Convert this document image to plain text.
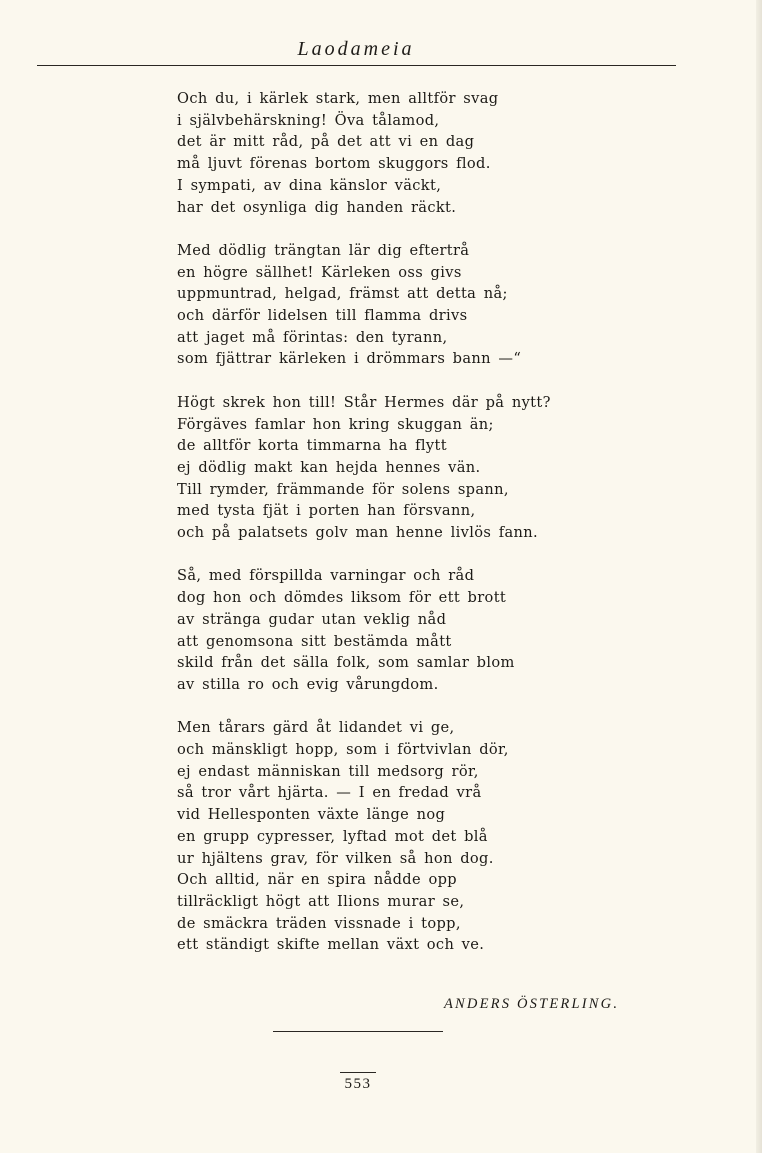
Laodameia
Och du, i kärlek stark, men alltför svag
i självbehärskning! Öva tålamod,
det är mitt råd, på det att vi en dag
må ljuvt förenas bortom skuggors flod.
I sympati, av dina känslor väckt,
har det osynliga dig handen räckt.
Med dödlig trängtan lär dig eftertrå
en högre sällhet! Kärleken oss givs
uppmuntrad, helgad, främst att detta nå;
och därför lidelsen till flamma drivs
att jaget må förintas: den tyrann,
som fjättrar kärleken i drömmars bann —“
Högt skrek hon till! Står Hermes där på nytt?
Förgäves famlar hon kring skuggan än;
de alltför korta timmarna ha flytt
ej dödlig makt kan hejda hennes vän.
Till rymder, främmande för solens spann,
med tysta fjät i porten han försvann,
och på palatsets golv man henne livlös fann.
Så, med förspillda varningar och råd
dog hon och dömdes liksom för ett brott
av stränga gudar utan veklig nåd
att genomsona sitt bestämda mått
skild från det sälla folk, som samlar blom
av stilla ro och evig vårungdom.
Men tårars gärd åt lidandet vi ge,
och mänskligt hopp, som i förtvivlan dör,
ej endast människan till medsorg rör,
så tror vårt hjärta. — I en fredad vrå
vid Hellesponten växte länge nog
en grupp cypresser, lyftad mot det blå
ur hjältens grav, för vilken så hon dog.
Och alltid, när en spira nådde opp
tillräckligt högt att Ilions murar se,
de smäckra träden vissnade i topp,
ett ständigt skifte mellan växt och ve.
ANDERS ÖSTERLING.
553
